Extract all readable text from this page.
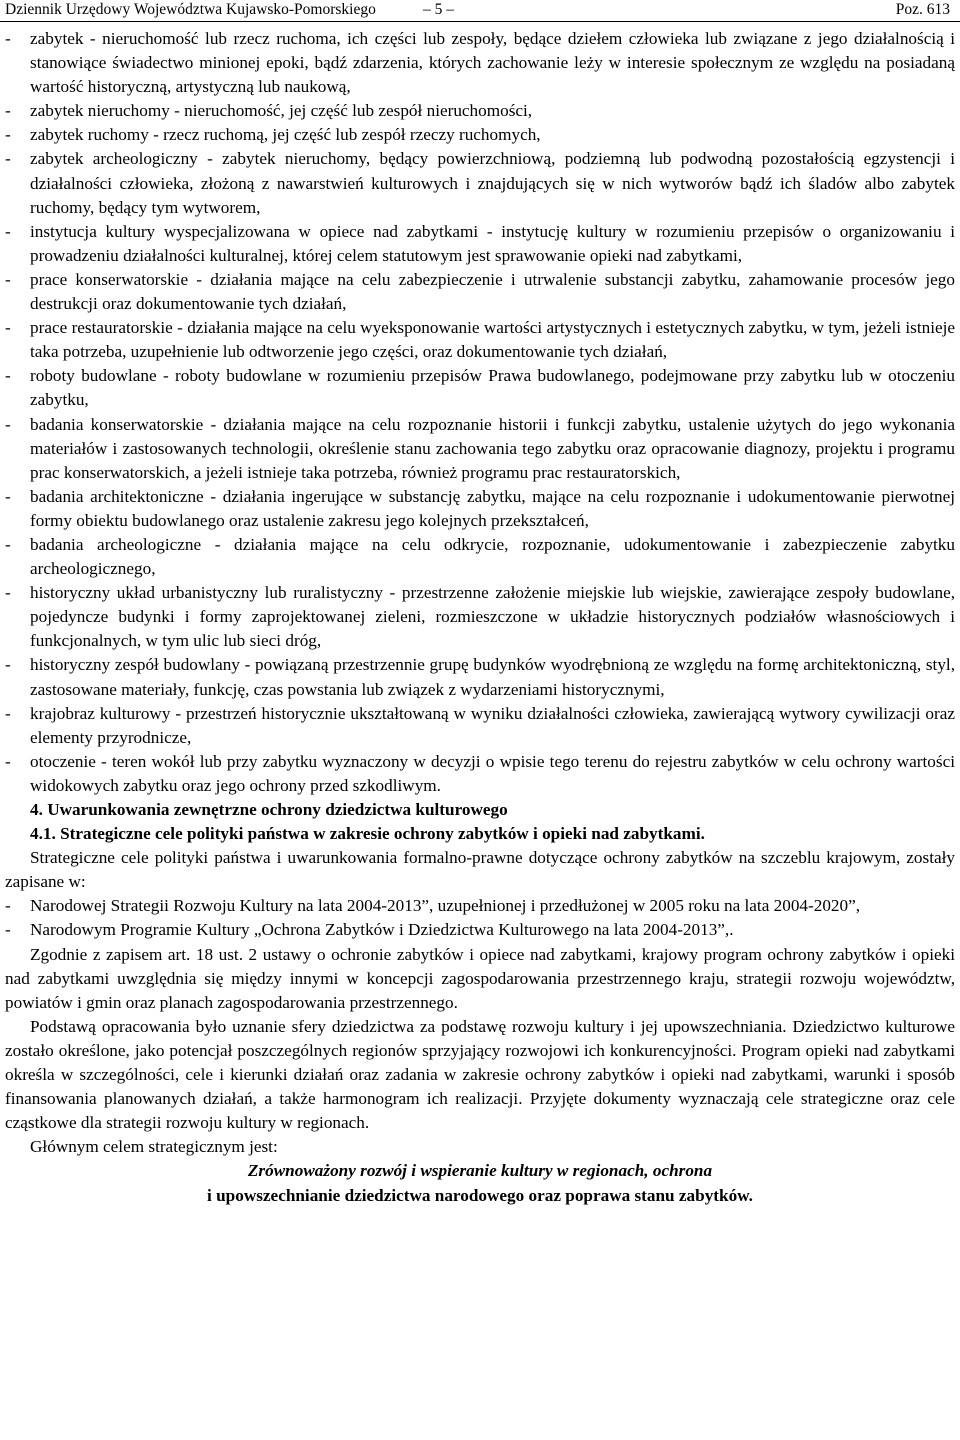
Dziennik Urzędowy Województwa Kujawsko-Pomorskiego	– 5 –	Poz. 613
- zabytek - nieruchomość lub rzecz ruchoma, ich części lub zespoły, będące dziełem człowieka lub związane z jego działalnością i stanowiące świadectwo minionej epoki, bądź zdarzenia, których zachowanie leży w interesie społecznym ze względu na posiadaną wartość historyczną, artystyczną lub naukową,
- zabytek nieruchomy - nieruchomość, jej część lub zespół nieruchomości,
- zabytek ruchomy - rzecz ruchomą, jej część lub zespół rzeczy ruchomych,
- zabytek archeologiczny - zabytek nieruchomy, będący powierzchniową, podziemną lub podwodną pozostałością egzystencji i działalności człowieka, złożoną z nawarstwień kulturowych i znajdujących się w nich wytworów bądź ich śladów albo zabytek ruchomy, będący tym wytworem,
- instytucja kultury wyspecjalizowana w opiece nad zabytkami - instytucję kultury w rozumieniu przepisów o organizowaniu i prowadzeniu działalności kulturalnej, której celem statutowym jest sprawowanie opieki nad zabytkami,
- prace konserwatorskie - działania mające na celu zabezpieczenie i utrwalenie substancji zabytku, zahamowanie procesów jego destrukcji oraz dokumentowanie tych działań,
- prace restauratorskie - działania mające na celu wyeksponowanie wartości artystycznych i estetycznych zabytku, w tym, jeżeli istnieje taka potrzeba, uzupełnienie lub odtworzenie jego części, oraz dokumentowanie tych działań,
- roboty budowlane - roboty budowlane w rozumieniu przepisów Prawa budowlanego, podejmowane przy zabytku lub w otoczeniu zabytku,
- badania konserwatorskie - działania mające na celu rozpoznanie historii i funkcji zabytku, ustalenie użytych do jego wykonania materiałów i zastosowanych technologii, określenie stanu zachowania tego zabytku oraz opracowanie diagnozy, projektu i programu prac konserwatorskich, a jeżeli istnieje taka potrzeba, również programu prac restauratorskich,
- badania architektoniczne - działania ingerujące w substancję zabytku, mające na celu rozpoznanie i udokumentowanie pierwotnej formy obiektu budowlanego oraz ustalenie zakresu jego kolejnych przekształceń,
- badania archeologiczne - działania mające na celu odkrycie, rozpoznanie, udokumentowanie i zabezpieczenie zabytku archeologicznego,
- historyczny układ urbanistyczny lub ruralistyczny - przestrzenne założenie miejskie lub wiejskie, zawierające zespoły budowlane, pojedyncze budynki i formy zaprojektowanej zieleni, rozmieszczone w układzie historycznych podziałów własnościowych i funkcjonalnych, w tym ulic lub sieci dróg,
- historyczny zespół budowlany - powiązaną przestrzennie grupę budynków wyodrębnioną ze względu na formę architektoniczną, styl, zastosowane materiały, funkcję, czas powstania lub związek z wydarzeniami historycznymi,
- krajobraz kulturowy - przestrzeń historycznie ukształtowaną w wyniku działalności człowieka, zawierającą wytwory cywilizacji oraz elementy przyrodnicze,
- otoczenie - teren wokół lub przy zabytku wyznaczony w decyzji o wpisie tego terenu do rejestru zabytków w celu ochrony wartości widokowych zabytku oraz jego ochrony przed szkodliwym.
4. Uwarunkowania zewnętrzne ochrony dziedzictwa kulturowego
4.1. Strategiczne cele polityki państwa w zakresie ochrony zabytków i opieki nad zabytkami.
Strategiczne cele polityki państwa i uwarunkowania formalno-prawne dotyczące ochrony zabytków na szczeblu krajowym, zostały zapisane w:
- Narodowej Strategii Rozwoju Kultury na lata 2004-2013”, uzupełnionej i przedłużonej w 2005 roku na lata 2004-2020”,
- Narodowym Programie Kultury „Ochrona Zabytków i Dziedzictwa Kulturowego na lata 2004-2013”,.
Zgodnie z zapisem art. 18 ust. 2 ustawy o ochronie zabytków i opiece nad zabytkami, krajowy program ochrony zabytków i opieki nad zabytkami uwzględnia się między innymi w koncepcji zagospodarowania przestrzennego kraju, strategii rozwoju województw, powiatów i gmin oraz planach zagospodarowania przestrzennego.
Podstawą opracowania było uznanie sfery dziedzictwa za podstawę rozwoju kultury i jej upowszechniania. Dziedzictwo kulturowe zostało określone, jako potencjał poszczególnych regionów sprzyjający rozwojowi ich konkurencyjności. Program opieki nad zabytkami określa w szczególności, cele i kierunki działań oraz zadania w zakresie ochrony zabytków i opieki nad zabytkami, warunki i sposób finansowania planowanych działań, a także harmonogram ich realizacji. Przyjęte dokumenty wyznaczają cele strategiczne oraz cele cząstkowe dla strategii rozwoju kultury w regionach.
Głównym celem strategicznym jest:
Zrównoważony rozwój i wspieranie kultury w regionach, ochrona
i upowszechnianie dziedzictwa narodowego oraz poprawa stanu zabytków.
